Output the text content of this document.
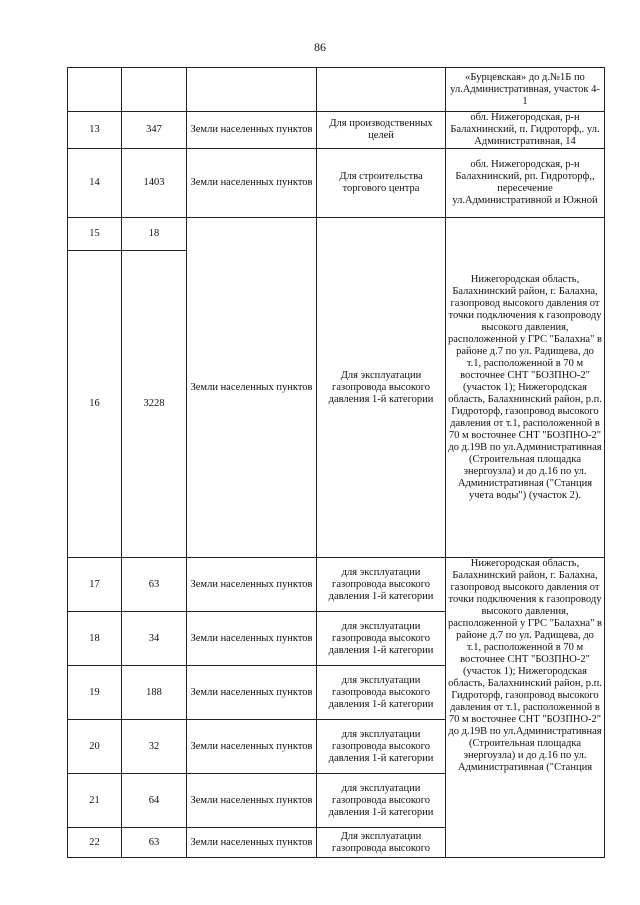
86
				«Бурцевская» до д.№1Б по ул.Административная, участок 4-1
13	347	Земли населенных пунктов	Для производственных целей	обл. Нижегородская, р-н Балахнинский, п. Гидроторф,. ул. Административная, 14
14	1403	Земли населенных пунктов	Для строительства торгового центра	обл. Нижегородская, р-н Балахнинский, рп. Гидроторф,, пересечение ул.Административной и Южной
15	18	Земли населенных пунктов	Для эксплуатации газопровода высокого давления 1-й категории	Нижегородская область, Балахнинский район, г. Балахна, газопровод высокого давления от точки подключения к газопроводу высокого давления, расположенной у ГРС "Балахна" в районе д.7 по ул. Радищева, до т.1, расположенной в 70 м восточнее СНТ "БОЗПНО-2" (участок 1); Нижегородская область, Балахнинский район, р.п. Гидроторф, газопровод высокого давления от т.1, расположенной в 70 м восточнее СНТ "БОЗПНО-2" до д.19В по ул.Административная (Строительная площадка энергоузла) и до д.16 по ул. Административная ("Станция учета воды") (участок 2).
16	3228			
17	63	Земли населенных пунктов	для эксплуатации газопровода высокого давления 1-й категории	Нижегородская область, Балахнинский район, г. Балахна, газопровод высокого давления от точки подключения к газопроводу высокого давления, расположенной у ГРС "Балахна" в районе д.7 по ул. Радищева, до т.1, расположенной в 70 м восточнее СНТ "БОЗПНО-2" (участок 1); Нижегородская область, Балахнинский район, р.п. Гидроторф, газопровод высокого давления от т.1, расположенной в 70 м восточнее СНТ "БОЗПНО-2" до д.19В по ул.Административная (Строительная площадка энергоузла) и до д.16 по ул. Административная ("Станция
18	34	Земли населенных пунктов	для эксплуатации газопровода высокого давления 1-й категории	
19	188	Земли населенных пунктов	для эксплуатации газопровода высокого давления 1-й категории	
20	32	Земли населенных пунктов	для эксплуатации газопровода высокого давления 1-й категории	
21	64	Земли населенных пунктов	для эксплуатации газопровода высокого давления 1-й категории	
22	63	Земли населенных пунктов	Для эксплуатации газопровода высокого	
